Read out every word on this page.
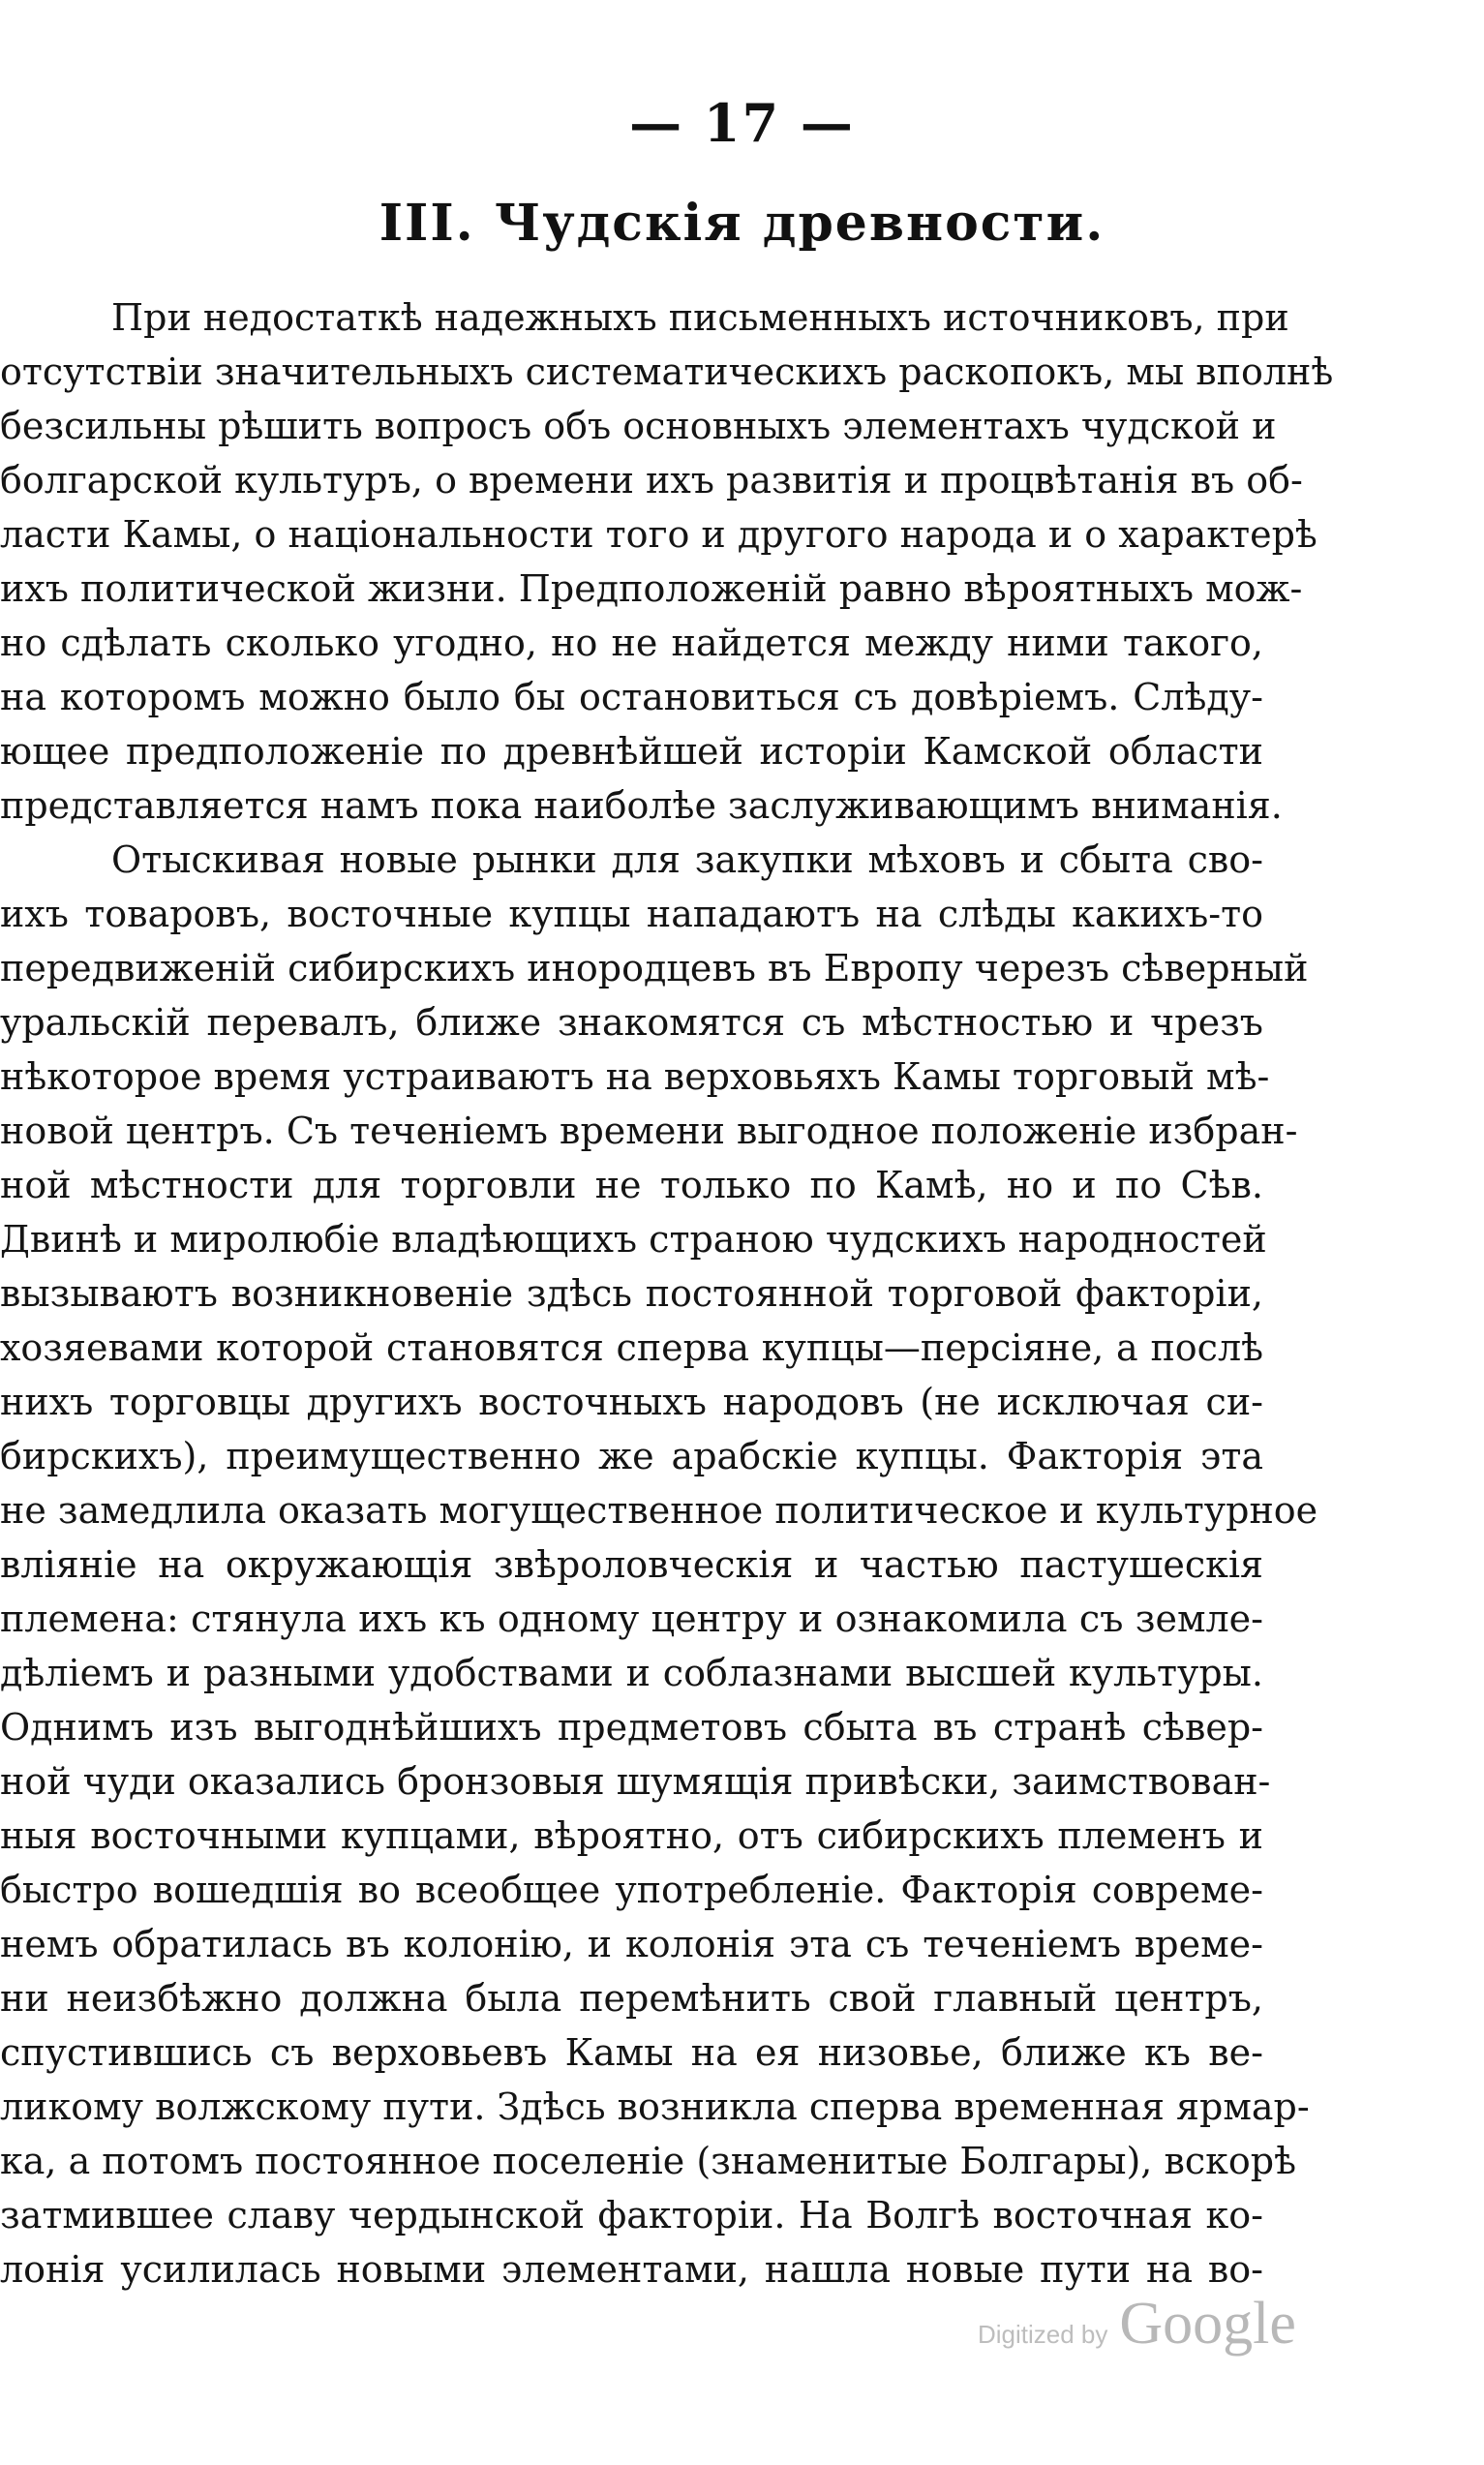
— 17 —
III. Чудскія древности.
При недостаткѣ надежныхъ письменныхъ источниковъ, при
отсутствіи значительныхъ систематическихъ раскопокъ, мы вполнѣ
безсильны рѣшить вопросъ объ основныхъ элементахъ чудской и
болгарской культуръ, о времени ихъ развитія и процвѣтанія въ об-
ласти Камы, о національности того и другого народа и о характерѣ
ихъ политической жизни. Предположеній равно вѣроятныхъ мож-
но сдѣлать сколько угодно, но не найдется между ними такого,
на которомъ можно было бы остановиться съ довѣріемъ. Слѣду-
ющее предположеніе по древнѣйшей исторіи Камской области
представляется намъ пока наиболѣе заслуживающимъ вниманія.
Отыскивая новые рынки для закупки мѣховъ и сбыта сво-
ихъ товаровъ, восточные купцы нападаютъ на слѣды какихъ-то
передвиженій сибирскихъ инородцевъ въ Европу черезъ сѣверный
уральскій перевалъ, ближе знакомятся съ мѣстностью и чрезъ
нѣкоторое время устраиваютъ на верховьяхъ Камы торговый мѣ-
новой центръ. Съ теченіемъ времени выгодное положеніе избран-
ной мѣстности для торговли не только по Камѣ, но и по Сѣв.
Двинѣ и миролюбіе владѣющихъ страною чудскихъ народностей
вызываютъ возникновеніе здѣсь постоянной торговой факторіи,
хозяевами которой становятся сперва купцы—персіяне, а послѣ
нихъ торговцы другихъ восточныхъ народовъ (не исключая си-
бирскихъ), преимущественно же арабскіе купцы. Факторія эта
не замедлила оказать могущественное политическое и культурное
вліяніе на окружающія звѣроловческія и частью пастушескія
племена: стянула ихъ къ одному центру и ознакомила съ земле-
дѣліемъ и разными удобствами и соблазнами высшей культуры.
Однимъ изъ выгоднѣйшихъ предметовъ сбыта въ странѣ сѣвер-
ной чуди оказались бронзовыя шумящія привѣски, заимствован-
ныя восточными купцами, вѣроятно, отъ сибирскихъ племенъ и
быстро вошедшія во всеобщее употребленіе. Факторія совреме-
немъ обратилась въ колонію, и колонія эта съ теченіемъ време-
ни неизбѣжно должна была перемѣнить свой главный центръ,
спустившись съ верховьевъ Камы на ея низовье, ближе къ ве-
ликому волжскому пути. Здѣсь возникла сперва временная ярмар-
ка, а потомъ постоянное поселеніе (знаменитые Болгары), вскорѣ
затмившее славу чердынской факторіи. На Волгѣ восточная ко-
лонія усилилась новыми элементами, нашла новые пути на во-
Digitized by Google
